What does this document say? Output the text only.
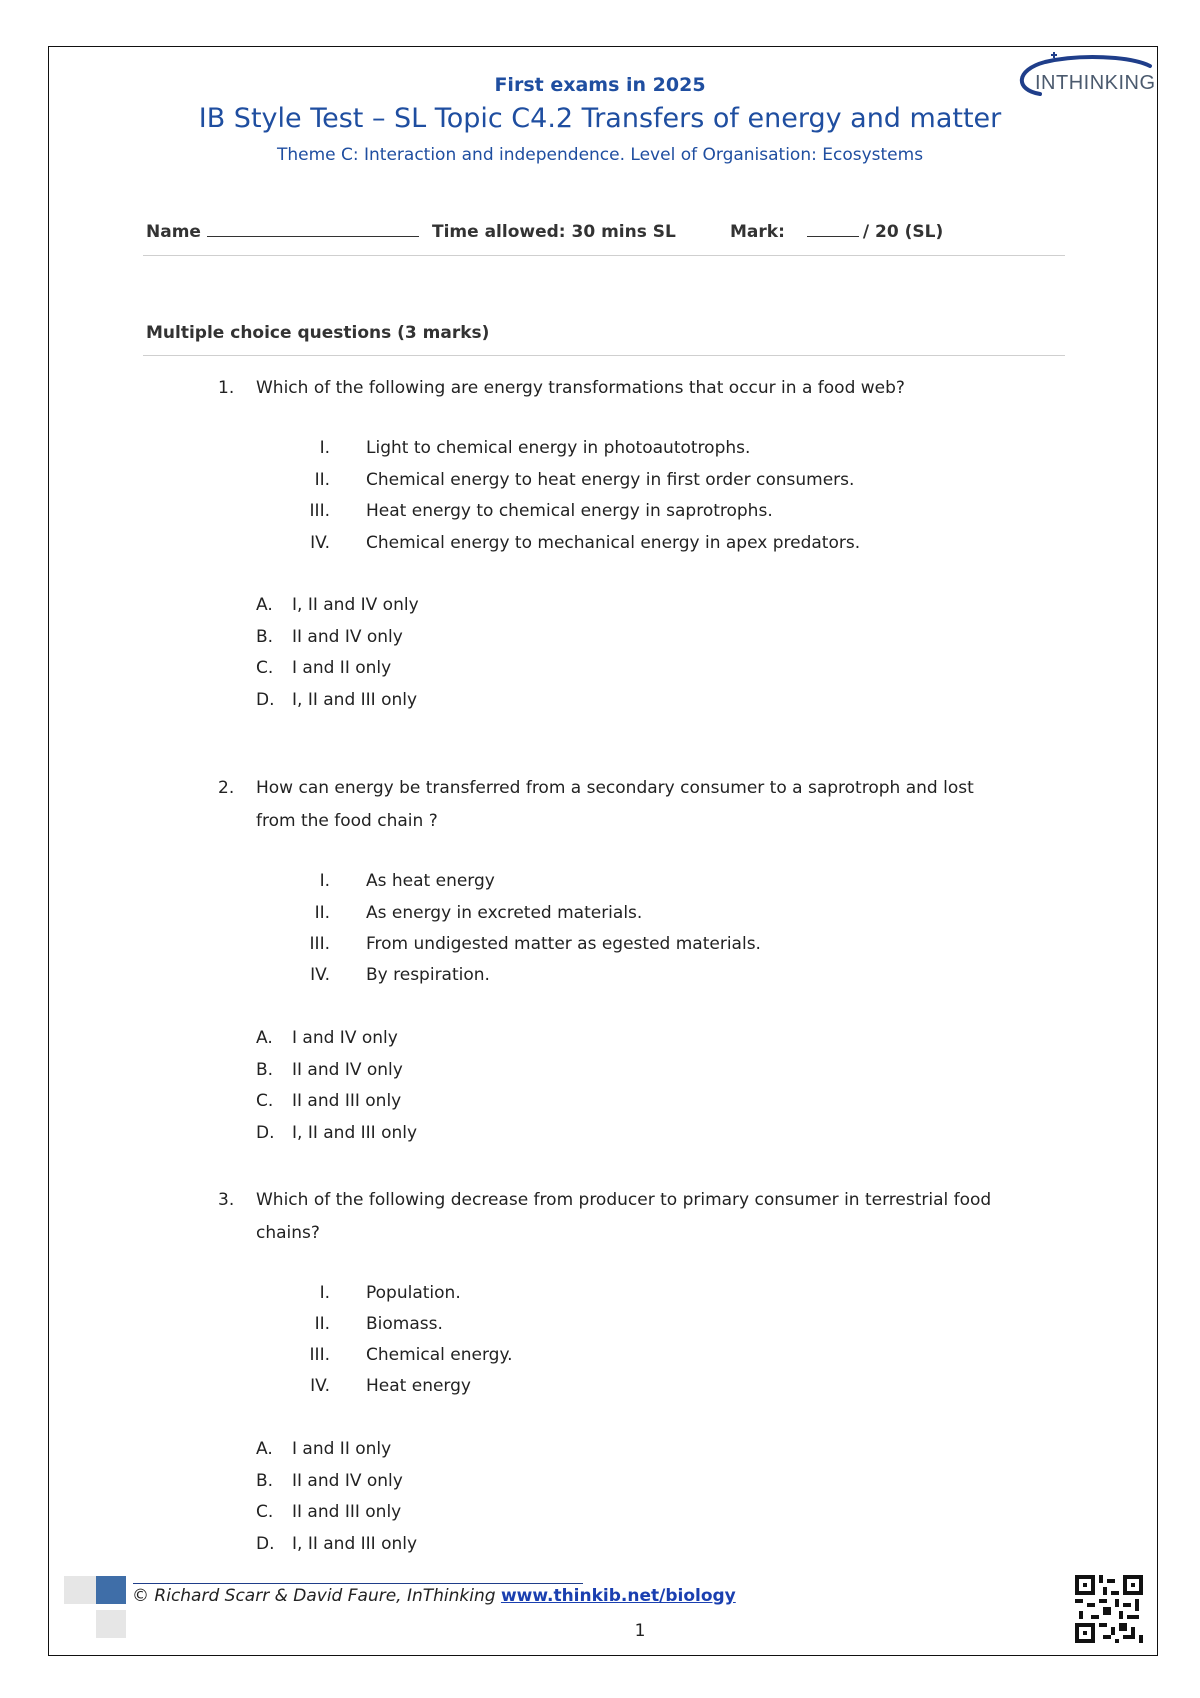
INTHINKING
First exams in 2025
IB Style Test – SL Topic C4.2 Transfers of energy and matter
Theme C: Interaction and independence. Level of Organisation: Ecosystems
Name	Time allowed: 30 mins SL	Mark:	/ 20 (SL)
Multiple choice questions (3 marks)
1. Which of the following are energy transformations that occur in a food web?
I. Light to chemical energy in photoautotrophs.
II. Chemical energy to heat energy in first order consumers.
III. Heat energy to chemical energy in saprotrophs.
IV. Chemical energy to mechanical energy in apex predators.
A. I, II and IV only
B. II and IV only
C. I and II only
D. I, II and III only
2. How can energy be transferred from a secondary consumer to a saprotroph and lost
from the food chain ?
I. As heat energy
II. As energy in excreted materials.
III. From undigested matter as egested materials.
IV. By respiration.
A. I and IV only
B. II and IV only
C. II and III only
D. I, II and III only
3. Which of the following decrease from producer to primary consumer in terrestrial food
chains?
I. Population.
II. Biomass.
III. Chemical energy.
IV. Heat energy
A. I and II only
B. II and IV only
C. II and III only
D. I, II and III only
© Richard Scarr & David Faure, InThinking www.thinkib.net/biology
1
